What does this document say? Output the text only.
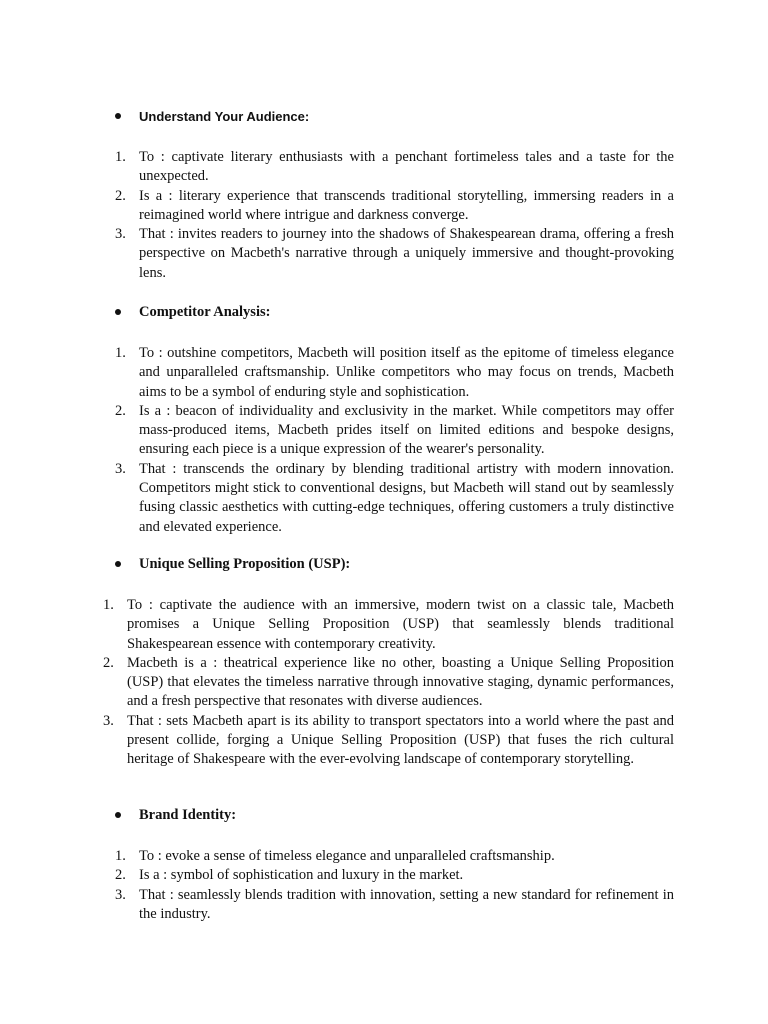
Understand Your Audience:
1. To : captivate literary enthusiasts with a penchant fortimeless tales and a taste for the unexpected.
2. Is a : literary experience that transcends traditional storytelling, immersing readers in a reimagined world where intrigue and darkness converge.
3. That : invites readers to journey into the shadows of Shakespearean drama, offering a fresh perspective on Macbeth's narrative through a uniquely immersive and thought-provoking lens.
Competitor Analysis:
1. To : outshine competitors, Macbeth will position itself as the epitome of timeless elegance and unparalleled craftsmanship. Unlike competitors who may focus on trends, Macbeth aims to be a symbol of enduring style and sophistication.
2. Is a : beacon of individuality and exclusivity in the market. While competitors may offer mass-produced items, Macbeth prides itself on limited editions and bespoke designs, ensuring each piece is a unique expression of the wearer's personality.
3. That : transcends the ordinary by blending traditional artistry with modern innovation. Competitors might stick to conventional designs, but Macbeth will stand out by seamlessly fusing classic aesthetics with cutting-edge techniques, offering customers a truly distinctive and elevated experience.
Unique Selling Proposition (USP):
1. To : captivate the audience with an immersive, modern twist on a classic tale, Macbeth promises a Unique Selling Proposition (USP) that seamlessly blends traditional Shakespearean essence with contemporary creativity.
2. Macbeth is a : theatrical experience like no other, boasting a Unique Selling Proposition (USP) that elevates the timeless narrative through innovative staging, dynamic performances, and a fresh perspective that resonates with diverse audiences.
3. That : sets Macbeth apart is its ability to transport spectators into a world where the past and present collide, forging a Unique Selling Proposition (USP) that fuses the rich cultural heritage of Shakespeare with the ever-evolving landscape of contemporary storytelling.
Brand Identity:
1. To : evoke a sense of timeless elegance and unparalleled craftsmanship.
2. Is a : symbol of sophistication and luxury in the market.
3. That : seamlessly blends tradition with innovation, setting a new standard for refinement in the industry.
